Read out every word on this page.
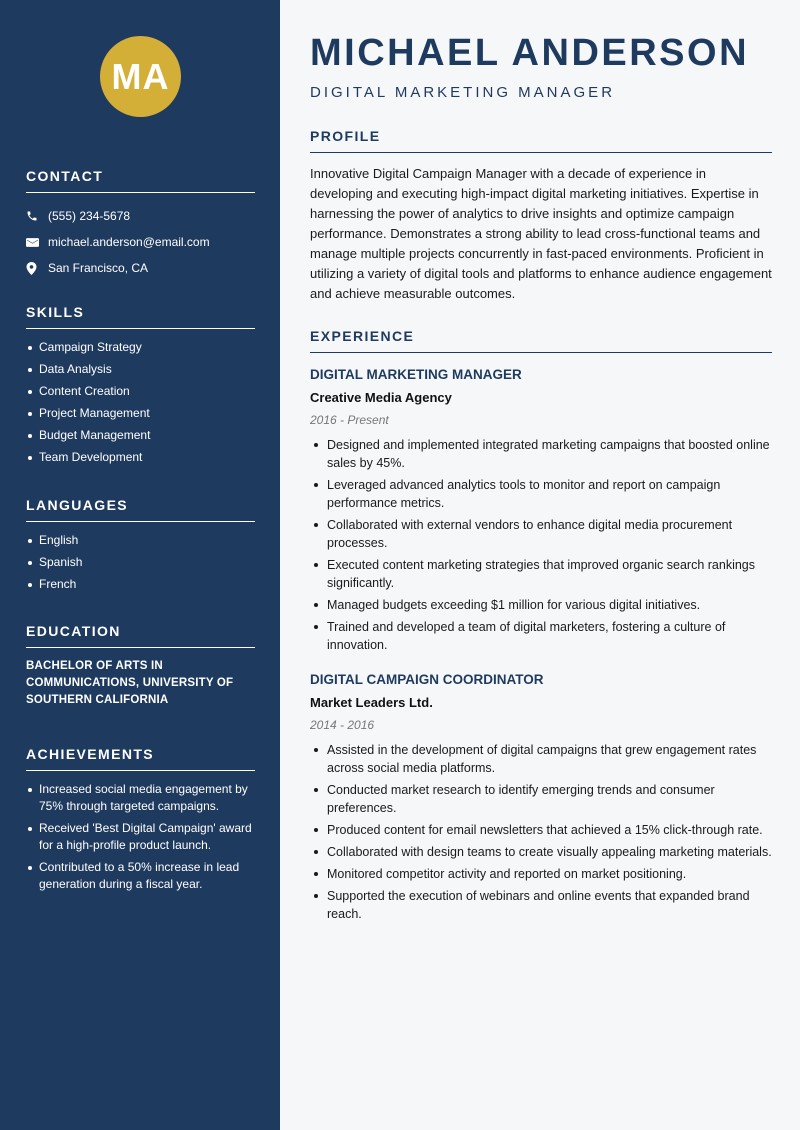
MA
CONTACT
(555) 234-5678
michael.anderson@email.com
San Francisco, CA
SKILLS
Campaign Strategy
Data Analysis
Content Creation
Project Management
Budget Management
Team Development
LANGUAGES
English
Spanish
French
EDUCATION
BACHELOR OF ARTS IN COMMUNICATIONS, UNIVERSITY OF SOUTHERN CALIFORNIA
ACHIEVEMENTS
Increased social media engagement by 75% through targeted campaigns.
Received 'Best Digital Campaign' award for a high-profile product launch.
Contributed to a 50% increase in lead generation during a fiscal year.
MICHAEL ANDERSON
DIGITAL MARKETING MANAGER
PROFILE
Innovative Digital Campaign Manager with a decade of experience in developing and executing high-impact digital marketing initiatives. Expertise in harnessing the power of analytics to drive insights and optimize campaign performance. Demonstrates a strong ability to lead cross-functional teams and manage multiple projects concurrently in fast-paced environments. Proficient in utilizing a variety of digital tools and platforms to enhance audience engagement and achieve measurable outcomes.
EXPERIENCE
DIGITAL MARKETING MANAGER
Creative Media Agency
2016 - Present
Designed and implemented integrated marketing campaigns that boosted online sales by 45%.
Leveraged advanced analytics tools to monitor and report on campaign performance metrics.
Collaborated with external vendors to enhance digital media procurement processes.
Executed content marketing strategies that improved organic search rankings significantly.
Managed budgets exceeding $1 million for various digital initiatives.
Trained and developed a team of digital marketers, fostering a culture of innovation.
DIGITAL CAMPAIGN COORDINATOR
Market Leaders Ltd.
2014 - 2016
Assisted in the development of digital campaigns that grew engagement rates across social media platforms.
Conducted market research to identify emerging trends and consumer preferences.
Produced content for email newsletters that achieved a 15% click-through rate.
Collaborated with design teams to create visually appealing marketing materials.
Monitored competitor activity and reported on market positioning.
Supported the execution of webinars and online events that expanded brand reach.
